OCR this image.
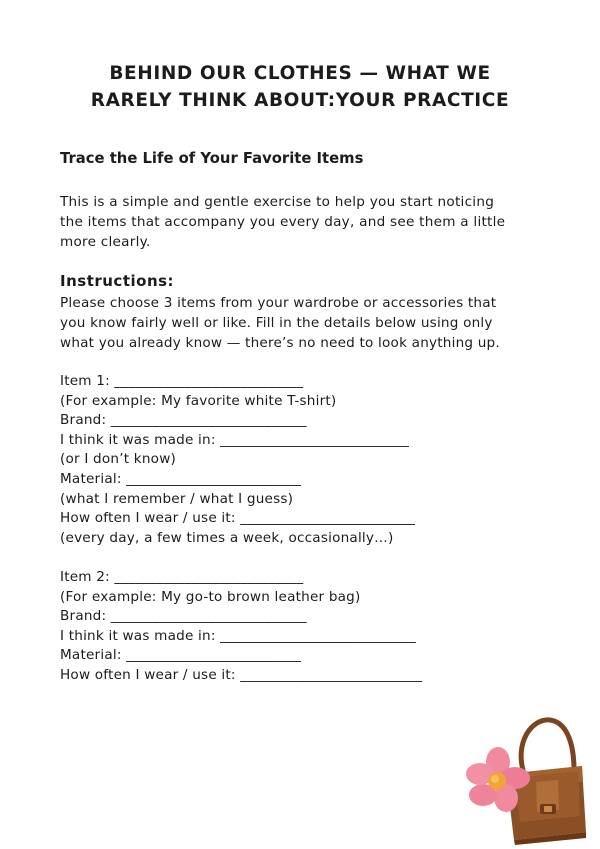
BEHIND OUR CLOTHES — WHAT WE
RARELY THINK ABOUT:YOUR PRACTICE
Trace the Life of Your Favorite Items

This is a simple and gentle exercise to help you start noticing
the items that accompany you every day, and see them a little
more clearly.

Instructions:

Please choose 3 items from your wardrobe or accessories that
you know fairly well or like. Fill in the details below using only
what you already know — there’s no need to look anything up.

Item 1: ___________________________
(For example: My favorite white T-shirt)
Brand: ____________________________
I think it was made in: ___________________________
(or I don’t know)
Material: _________________________
(what I remember / what I guess)
How often I wear / use it: _________________________
(every day, a few times a week, occasionally…)
Item 2: ___________________________
(For example: My go-to brown leather bag)
Brand: ____________________________
I think it was made in: ____________________________
Material: _________________________
How often I wear / use it: __________________________
